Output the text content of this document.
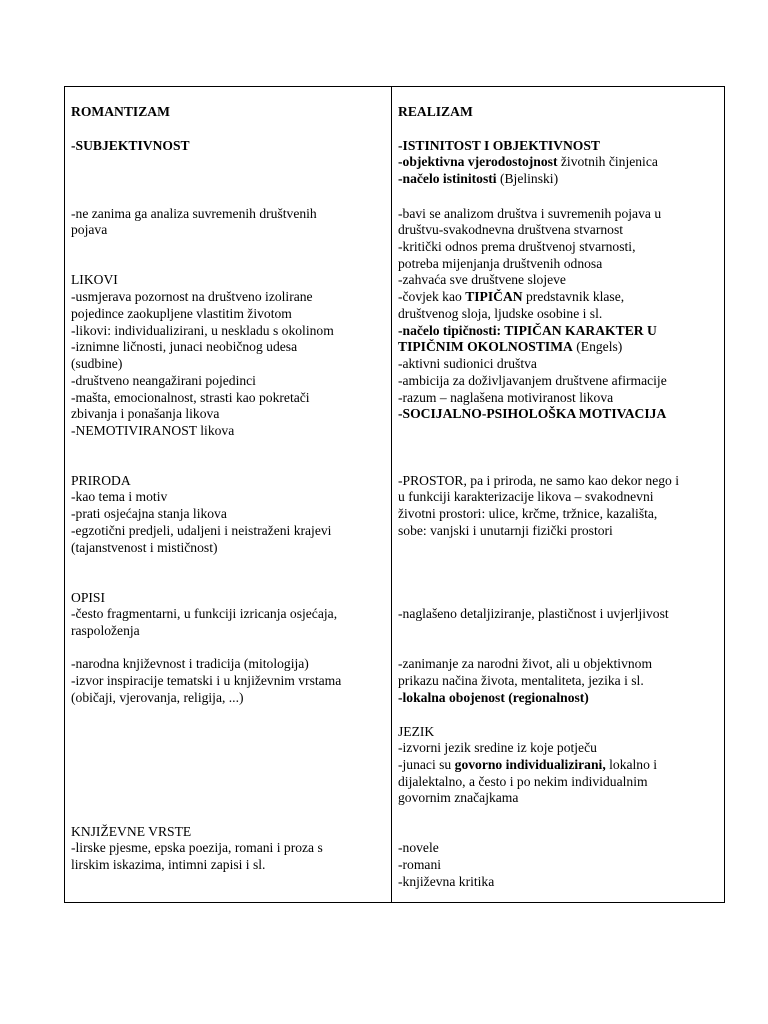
ROMANTIZAM
-SUBJEKTIVNOST
-ne zanima ga analiza suvremenih društvenih
pojava
LIKOVI
-usmjerava pozornost na društveno izolirane
pojedince zaokupljene vlastitim životom
-likovi: individualizirani, u neskladu s okolinom
-iznimne ličnosti, junaci neobičnog udesa
(sudbine)
-društveno neangažirani pojedinci
-mašta, emocionalnost, strasti kao pokretači
zbivanja i ponašanja likova
-NEMOTIVIRANOST likova
PRIRODA
-kao tema i motiv
-prati osjećajna stanja likova
-egzotični predjeli, udaljeni i neistraženi krajevi
(tajanstvenost i mističnost)
OPISI
-često fragmentarni, u funkciji izricanja osjećaja,
raspoloženja
-narodna književnost i tradicija (mitologija)
-izvor inspiracije tematski i u književnim vrstama
(običaji, vjerovanja, religija, ...)
KNJIŽEVNE VRSTE
-lirske pjesme, epska poezija, romani i proza s
lirskim iskazima, intimni zapisi i sl.
REALIZAM
-ISTINITOST I OBJEKTIVNOST
-objektivna vjerodostojnost životnih činjenica
-načelo istinitosti (Bjelinski)
-bavi se analizom društva i suvremenih pojava u
društvu-svakodnevna društvena stvarnost
-kritički odnos prema društvenoj stvarnosti,
potreba mijenjanja društvenih odnosa
-zahvaća sve društvene slojeve
-čovjek kao TIPIČAN predstavnik klase,
društvenog sloja, ljudske osobine i sl.
-načelo tipičnosti: TIPIČAN KARAKTER U
TIPIČNIM OKOLNOSTIMA (Engels)
-aktivni sudionici društva
-ambicija za doživljavanjem društvene afirmacije
-razum – naglašena motiviranost likova
-SOCIJALNO-PSIHOLOŠKA MOTIVACIJA
-PROSTOR, pa i priroda, ne samo kao dekor nego i
u funkciji karakterizacije likova – svakodnevni
životni prostori: ulice, krčme, tržnice, kazališta,
sobe: vanjski i unutarnji fizički prostori
-naglašeno detaljiziranje, plastičnost i uvjerljivost
-zanimanje za narodni život, ali u objektivnom
prikazu načina života, mentaliteta, jezika i sl.
-lokalna obojenost (regionalnost)
JEZIK
-izvorni jezik sredine iz koje potječu
-junaci su govorno individualizirani, lokalno i
dijalektalno, a često i po nekim individualnim
govornim značajkama
-novele
-romani
-književna kritika
